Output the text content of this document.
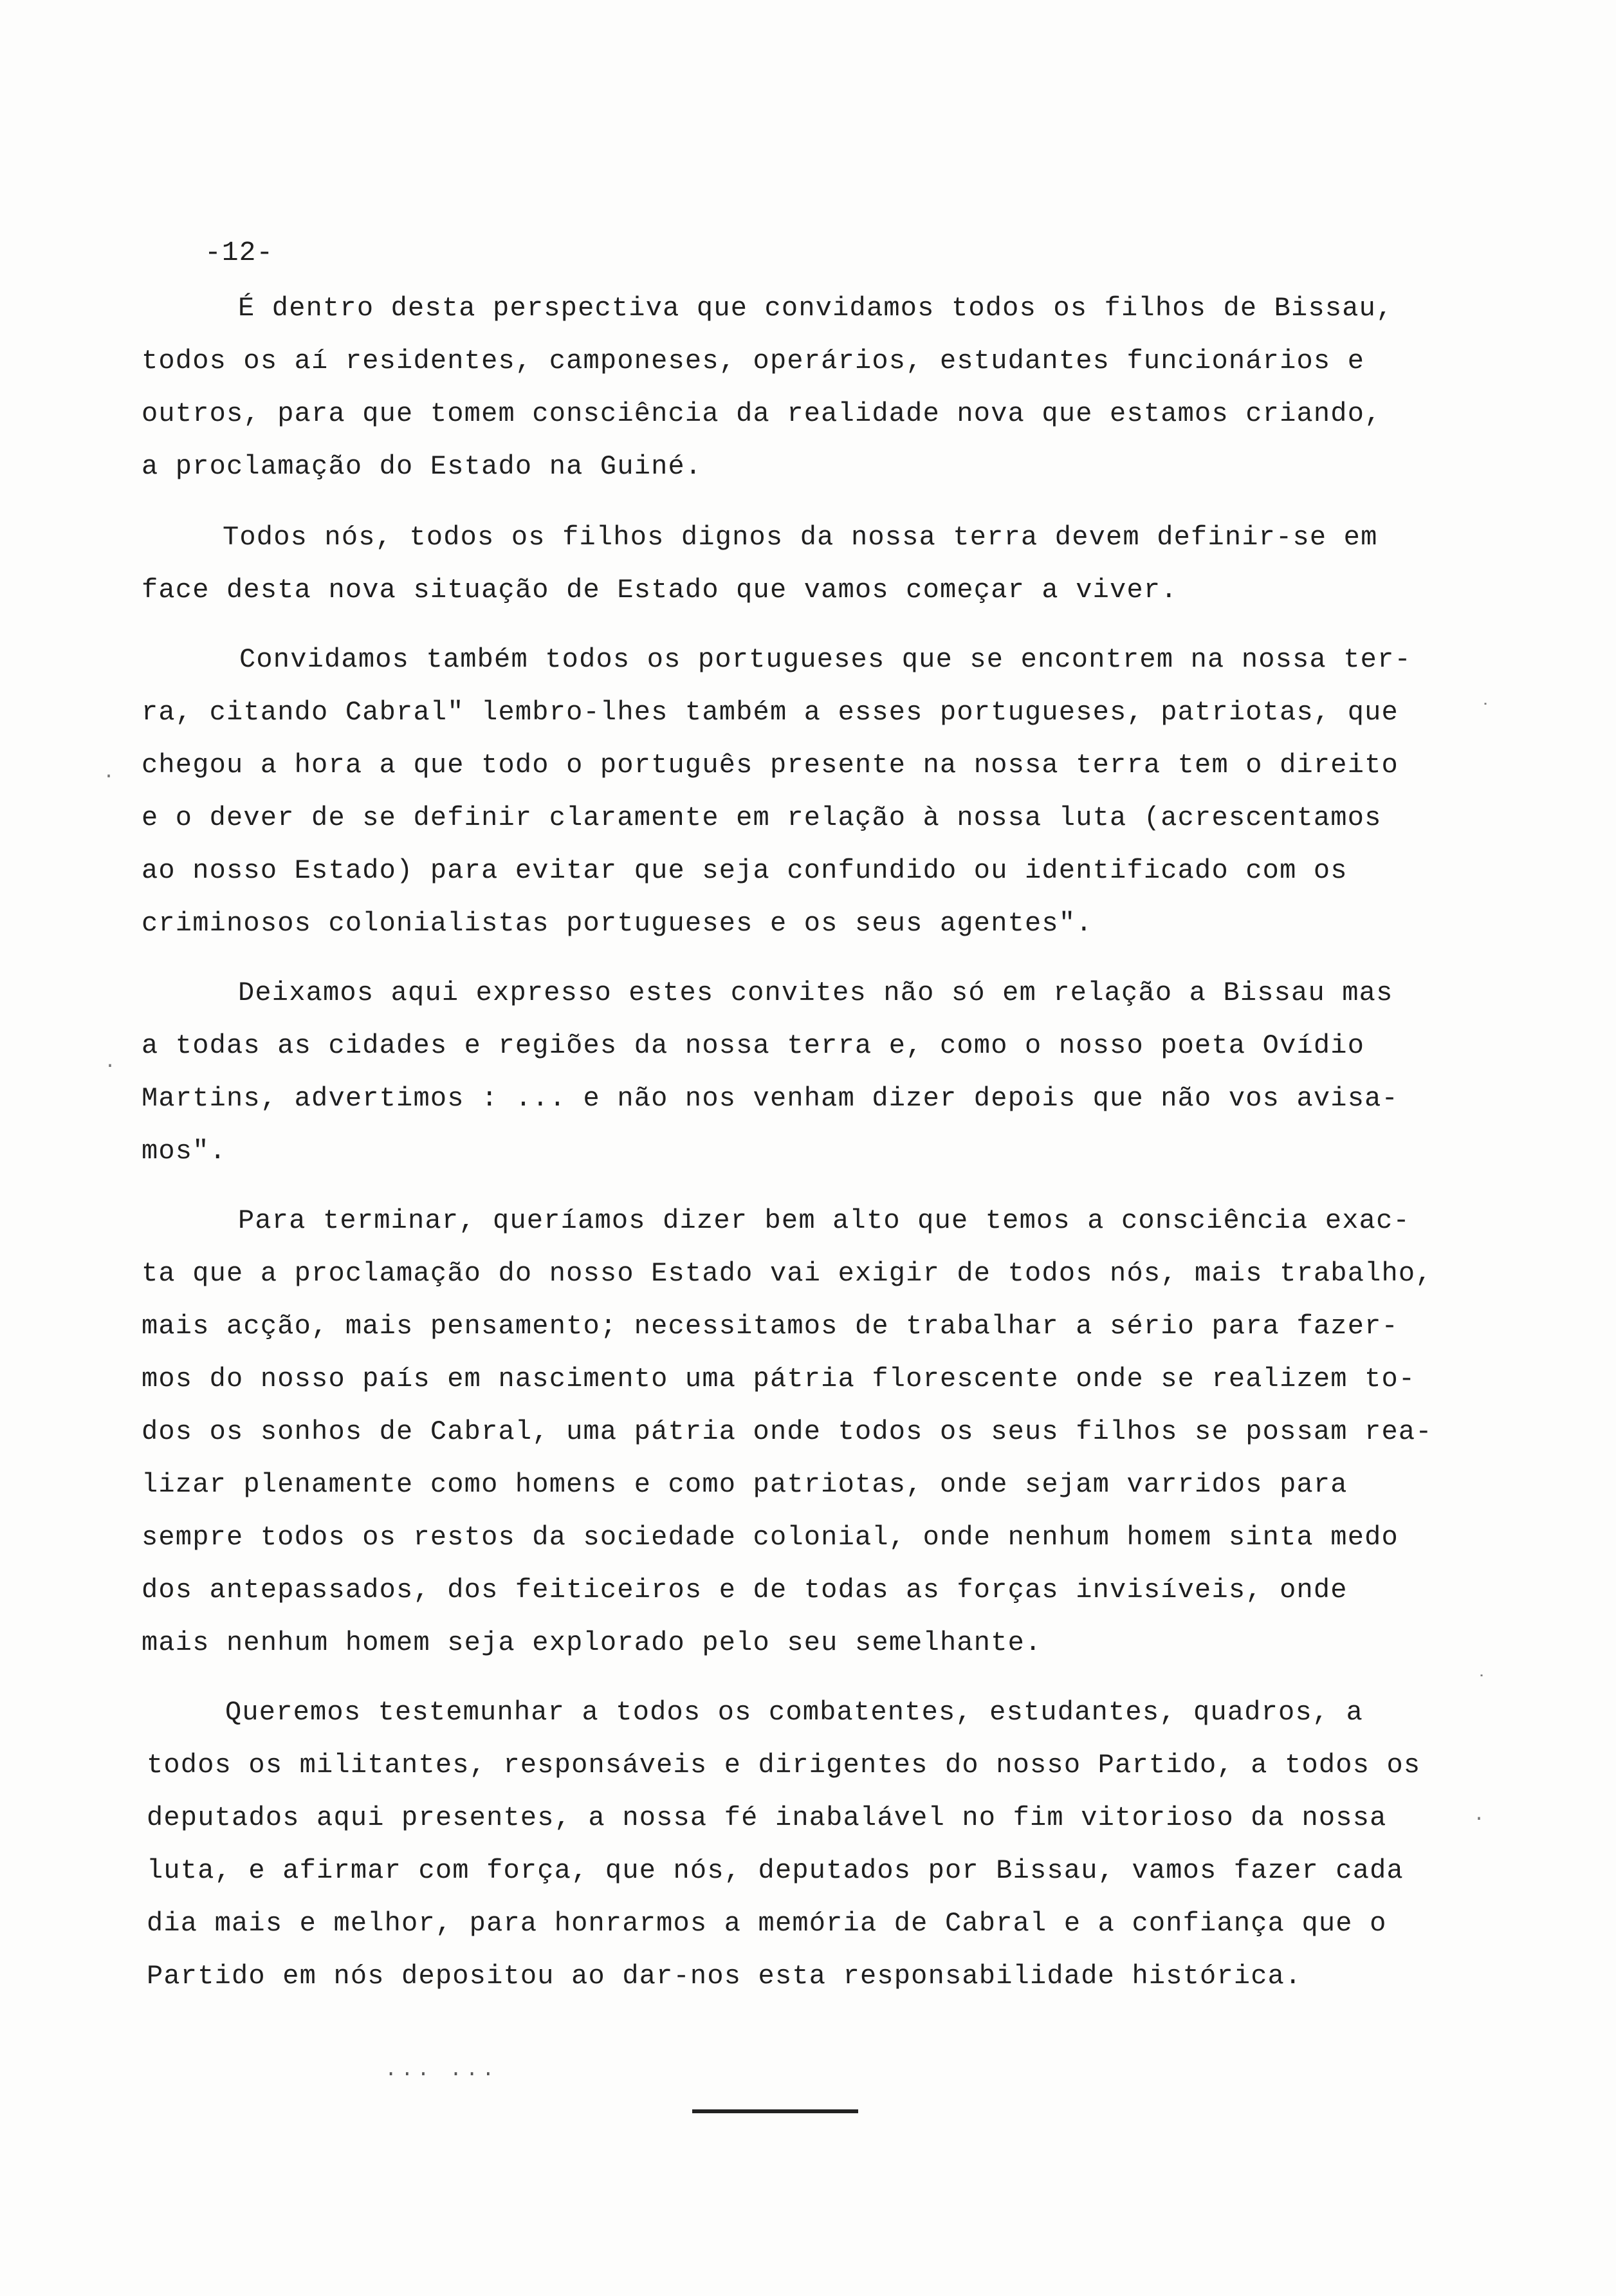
-12-
É dentro desta perspectiva que convidamos todos os filhos de Bissau,
todos os aí residentes, camponeses, operários, estudantes funcionários e
outros, para que tomem consciência da realidade nova que estamos criando,
a proclamação do Estado na Guiné.
Todos nós, todos os filhos dignos da nossa terra devem definir-se em
face desta nova situação de Estado que vamos começar a viver.
Convidamos também todos os portugueses que se encontrem na nossa ter-
ra, citando Cabral" lembro-lhes também a esses portugueses, patriotas, que
chegou a hora a que todo o português presente na nossa terra tem o direito
e o dever de se definir claramente em relação à nossa luta (acrescentamos
ao nosso Estado) para evitar que seja confundido ou identificado com os
criminosos colonialistas portugueses e os seus agentes".
Deixamos aqui expresso estes convites não só em relação a Bissau mas
a todas as cidades e regiões da nossa terra e, como o nosso poeta Ovídio
Martins, advertimos : ... e não nos venham dizer depois que não vos avisa-
mos".
Para terminar, queríamos dizer bem alto que temos a consciência exac-
ta que a proclamação do nosso Estado vai exigir de todos nós, mais trabalho,
mais acção, mais pensamento; necessitamos de trabalhar a sério para fazer-
mos do nosso país em nascimento uma pátria florescente onde se realizem to-
dos os sonhos de Cabral, uma pátria onde todos os seus filhos se possam rea-
lizar plenamente como homens e como patriotas, onde sejam varridos para
sempre todos os restos da sociedade colonial, onde nenhum homem sinta medo
dos antepassados, dos feiticeiros e de todas as forças invisíveis, onde
mais nenhum homem seja explorado pelo seu semelhante.
Queremos testemunhar a todos os combatentes, estudantes, quadros, a
todos os militantes, responsáveis e dirigentes do nosso Partido, a todos os
deputados aqui presentes, a nossa fé inabalável no fim vitorioso da nossa
luta, e afirmar com força, que nós, deputados por Bissau, vamos fazer cada
dia mais e melhor, para honrarmos a memória de Cabral e a confiança que o
Partido em nós depositou ao dar-nos esta responsabilidade histórica.
... ...
˙
˙
·
·
·
